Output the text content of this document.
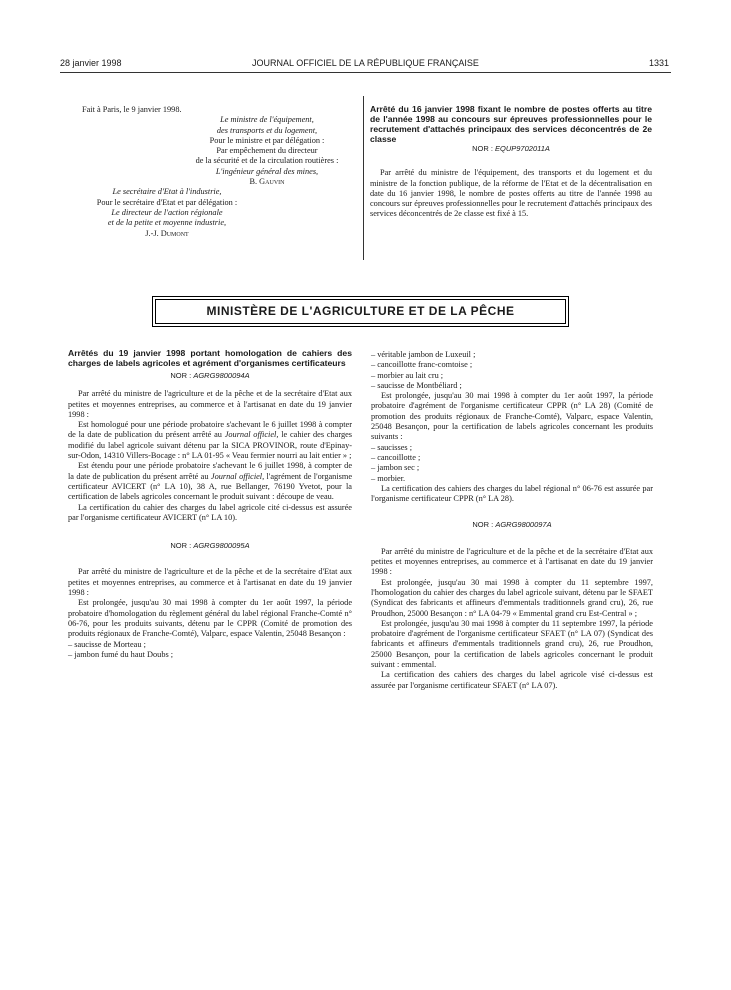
28 janvier 1998	JOURNAL OFFICIEL DE LA RÉPUBLIQUE FRANÇAISE	1331

Fait à Paris, le 9 janvier 1998.

Le ministre de l'équipement,

des transports et du logement,

Pour le ministre et par délégation :

Par empêchement du directeur

de la sécurité et de la circulation routières :

L'ingénieur général des mines,

B. Gauvin

Le secrétaire d'Etat à l'industrie,

Pour le secrétaire d'Etat et par délégation :

Le directeur de l'action régionale

et de la petite et moyenne industrie,

J.-J. Dumont

Arrêté du 16 janvier 1998 fixant le nombre de postes offerts au titre de l'année 1998 au concours sur épreuves professionnelles pour le recrutement d'attachés principaux des services déconcentrés de 2e classe

NOR : EQUP9702011A

Par arrêté du ministre de l'équipement, des transports et du logement et du ministre de la fonction publique, de la réforme de l'Etat et de la décentralisation en date du 16 janvier 1998, le nombre de postes offerts au titre de l'année 1998 au concours sur épreuves professionnelles pour le recrutement d'attachés principaux des services déconcentrés de 2e classe est fixé à 15.

MINISTÈRE DE L'AGRICULTURE ET DE LA PÊCHE

Arrêtés du 19 janvier 1998 portant homologation de cahiers des charges de labels agricoles et agrément d'organismes certificateurs

NOR : AGRG9800094A

Par arrêté du ministre de l'agriculture et de la pêche et de la secrétaire d'Etat aux petites et moyennes entreprises, au commerce et à l'artisanat en date du 19 janvier 1998 :

Est homologué pour une période probatoire s'achevant le 6 juillet 1998 à compter de la date de publication du présent arrêté au Journal officiel, le cahier des charges modifié du label agricole suivant détenu par la SICA PROVINOR, route d'Epinay-sur-Odon, 14310 Villers-Bocage : n° LA 01-95 « Veau fermier nourri au lait entier » ;

Est étendu pour une période probatoire s'achevant le 6 juillet 1998, à compter de la date de publication du présent arrêté au Journal officiel, l'agrément de l'organisme certificateur AVICERT (n° LA 10), 38 A, rue Bellanger, 76190 Yvetot, pour la certification de labels agricoles concernant le produit suivant : découpe de veau.

La certification du cahier des charges du label agricole cité ci-dessus est assurée par l'organisme certificateur AVICERT (n° LA 10).

NOR : AGRG9800095A

Par arrêté du ministre de l'agriculture et de la pêche et de la secrétaire d'Etat aux petites et moyennes entreprises, au commerce et à l'artisanat en date du 19 janvier 1998 :

Est prolongée, jusqu'au 30 mai 1998 à compter du 1er août 1997, la période probatoire d'homologation du règlement général du label régional Franche-Comté n° 06-76, pour les produits suivants, détenu par le CPPR (Comité de promotion des produits régionaux de Franche-Comté), Valparc, espace Valentin, 25048 Besançon :

– saucisse de Morteau ;

– jambon fumé du haut Doubs ;

– véritable jambon de Luxeuil ;

– cancoillotte franc-comtoise ;

– morbier au lait cru ;

– saucisse de Montbéliard ;

Est prolongée, jusqu'au 30 mai 1998 à compter du 1er août 1997, la période probatoire d'agrément de l'organisme certificateur CPPR (n° LA 28) (Comité de promotion des produits régionaux de Franche-Comté), Valparc, espace Valentin, 25048 Besançon, pour la certification de labels agricoles concernant les produits suivants :

– saucisses ;

– cancoillotte ;

– jambon sec ;

– morbier.

La certification des cahiers des charges du label régional n° 06-76 est assurée par l'organisme certificateur CPPR (n° LA 28).

NOR : AGRG9800097A

Par arrêté du ministre de l'agriculture et de la pêche et de la secrétaire d'Etat aux petites et moyennes entreprises, au commerce et à l'artisanat en date du 19 janvier 1998 :

Est prolongée, jusqu'au 30 mai 1998 à compter du 11 septembre 1997, l'homologation du cahier des charges du label agricole suivant, détenu par le SFAET (Syndicat des fabricants et affineurs d'emmentals traditionnels grand cru), 26, rue Proudhon, 25000 Besançon : n° LA 04-79 « Emmental grand cru Est-Central » ;

Est prolongée, jusqu'au 30 mai 1998 à compter du 11 septembre 1997, la période probatoire d'agrément de l'organisme certificateur SFAET (n° LA 07) (Syndicat des fabricants et affineurs d'emmentals traditionnels grand cru), 26, rue Proudhon, 25000 Besançon, pour la certification de labels agricoles concernant le produit suivant : emmental.

La certification des cahiers des charges du label agricole visé ci-dessus est assurée par l'organisme certificateur SFAET (n° LA 07).
